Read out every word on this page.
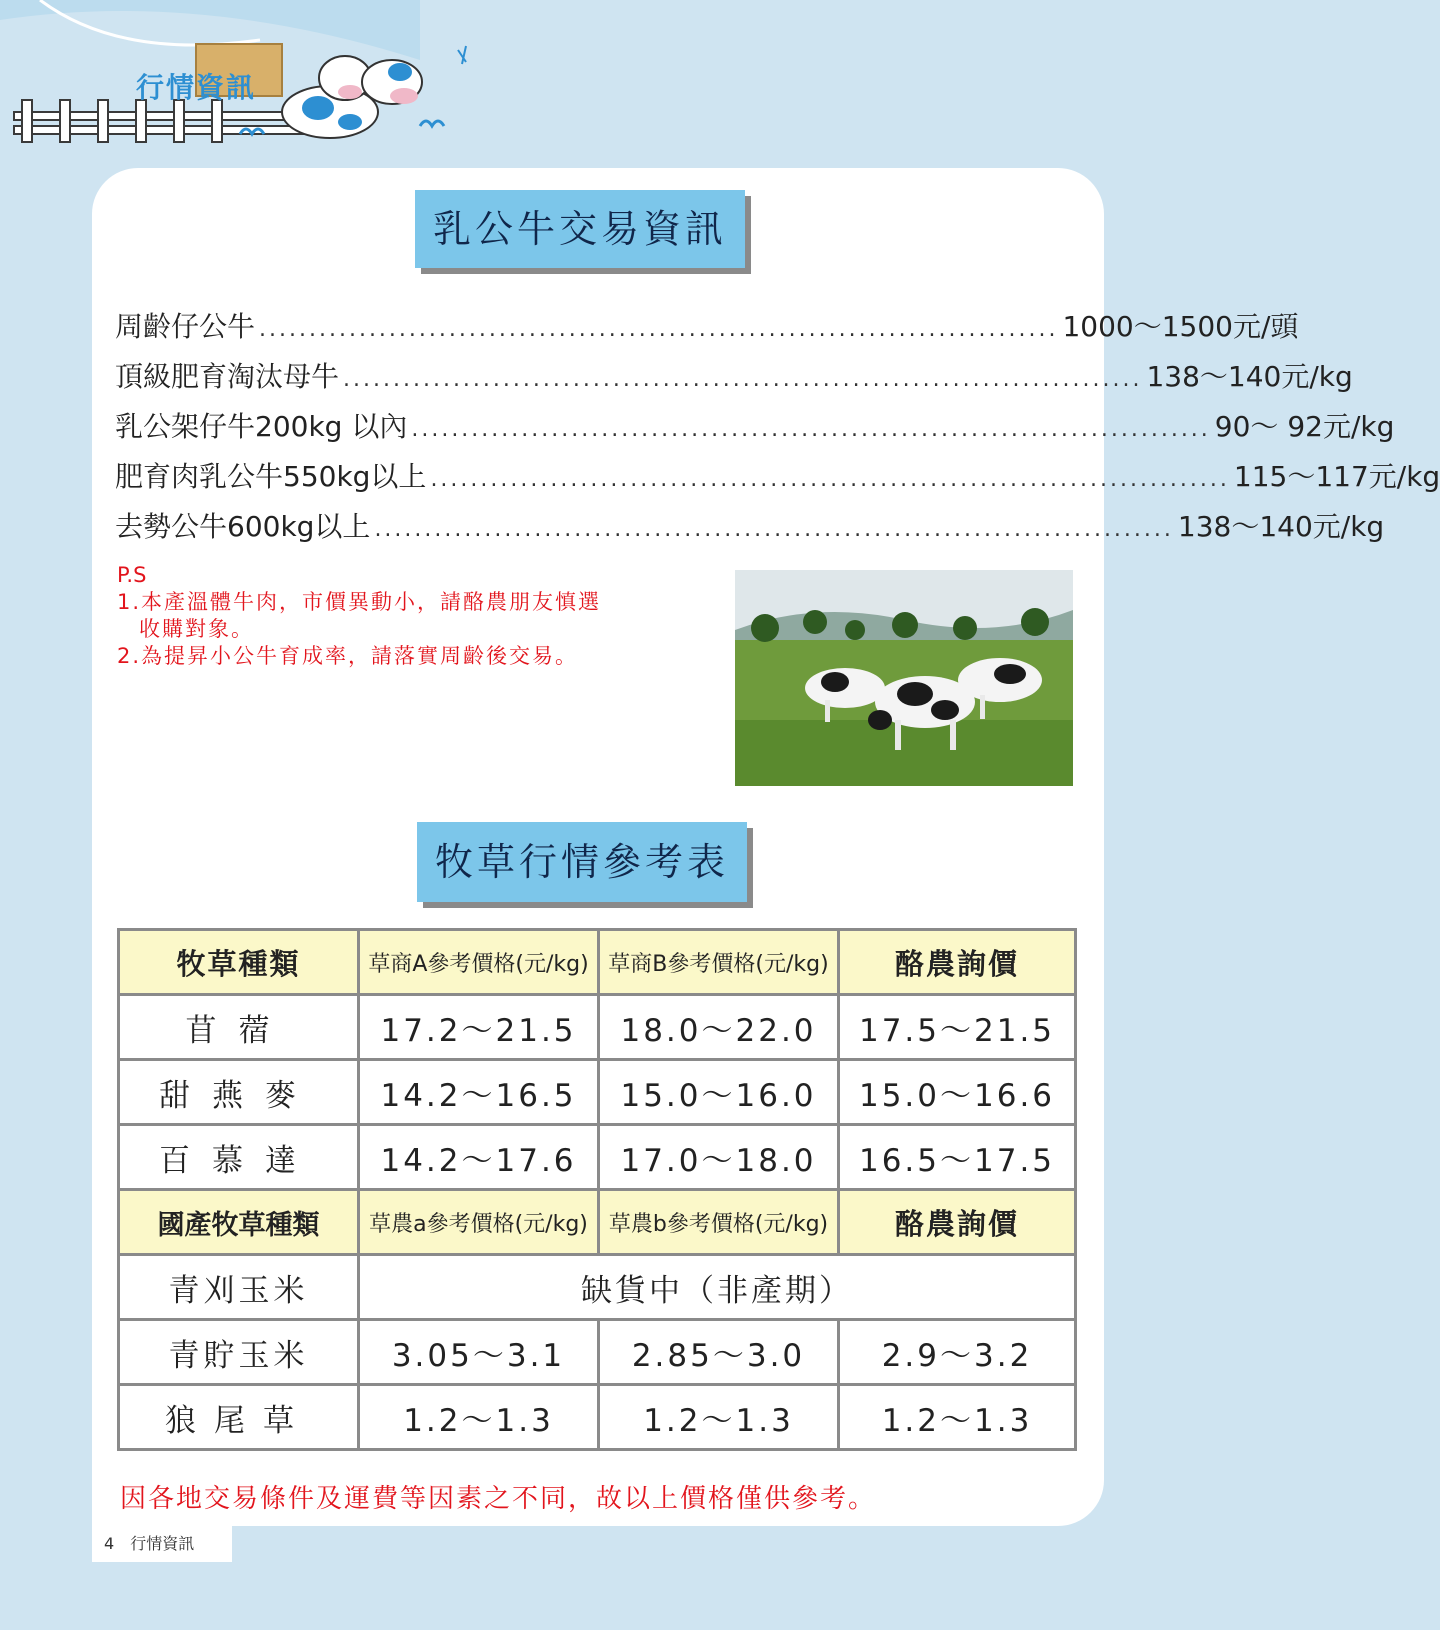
行情資訊
乳公牛交易資訊
周齡仔公牛 ................................................................................ 1000～1500元/頭
頂級肥育淘汰母牛 ................................................................................ 138～140元/kg
乳公架仔牛200kg 以內 ................................................................................ 90～ 92元/kg
肥育肉乳公牛550kg以上 ................................................................................ 115～117元/kg
去勢公牛600kg以上 ................................................................................ 138～140元/kg
P.S
1.本產溫體牛肉，市價異動小，請酪農朋友慎選
收購對象。
2.為提昇小公牛育成率，請落實周齡後交易。
牧草行情參考表
牧草種類	草商A參考價格(元/kg)	草商B參考價格(元/kg)	酪農詢價
苜蓿	17.2～21.5	18.0～22.0	17.5～21.5
甜燕麥	14.2～16.5	15.0～16.0	15.0～16.6
百慕達	14.2～17.6	17.0～18.0	16.5～17.5
國產牧草種類	草農a參考價格(元/kg)	草農b參考價格(元/kg)	酪農詢價
青刈玉米	缺貨中（非產期）		
青貯玉米	3.05～3.1	2.85～3.0	2.9～3.2
狼尾草	1.2～1.3	1.2～1.3	1.2～1.3
因各地交易條件及運費等因素之不同，故以上價格僅供參考。
4 行情資訊
